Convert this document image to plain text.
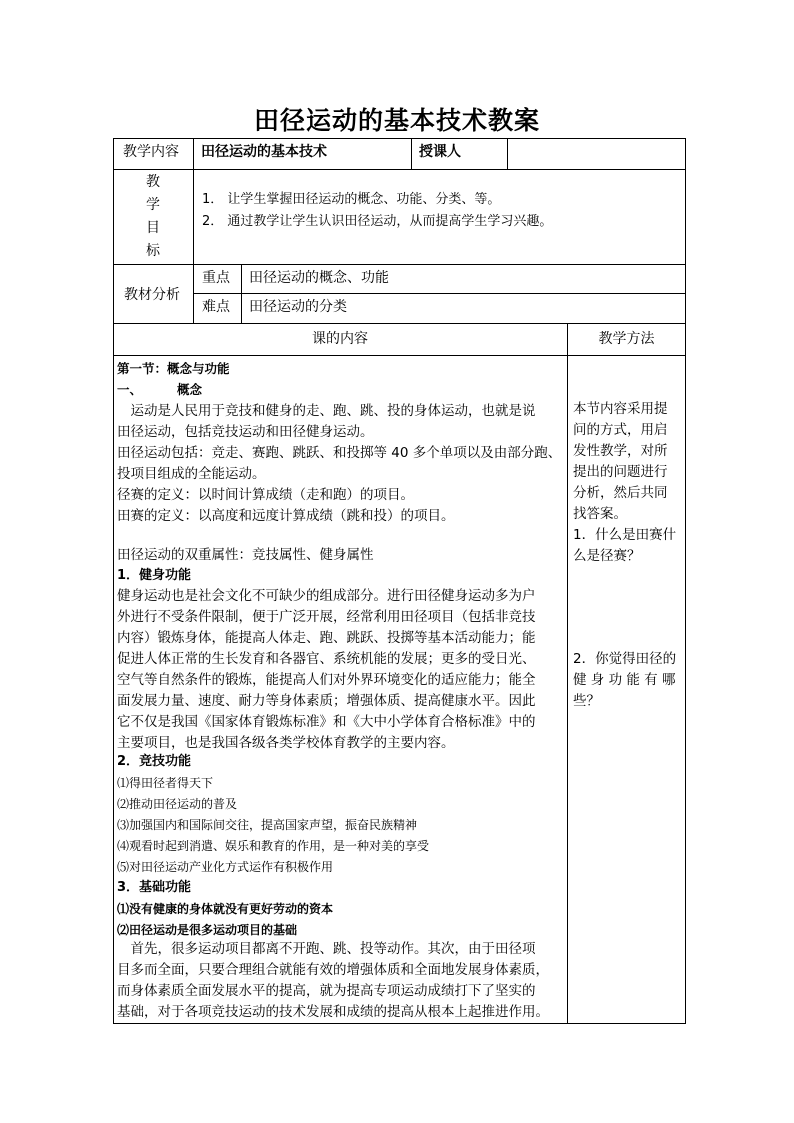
田径运动的基本技术教案
教学内容 田径运动的基本技术	授课人
教
学
目
标
1． 让学生掌握田径运动的概念、功能、分类、等。
2． 通过教学让学生认识田径运动，从而提高学生学习兴趣。
教材分析
重点 田径运动的概念、功能
难点 田径运动的分类
课的内容	教学方法
第一节：概念与功能
一、	概念
　运动是人民用于竞技和健身的走、跑、跳、投的身体运动，也就是说
田径运动，包括竞技运动和田径健身运动。
田径运动包括：竞走、赛跑、跳跃、和投掷等 40 多个单项以及由部分跑、
投项目组成的全能运动。
径赛的定义：以时间计算成绩（走和跑）的项目。
田赛的定义：以高度和远度计算成绩（跳和投）的项目。
田径运动的双重属性：竞技属性、健身属性
1．健身功能
健身运动也是社会文化不可缺少的组成部分。进行田径健身运动多为户
外进行不受条件限制，便于广泛开展，经常利用田径项目（包括非竞技
内容）锻炼身体，能提高人体走、跑、跳跃、投掷等基本活动能力；能
促进人体正常的生长发育和各器官、系统机能的发展；更多的受日光、
空气等自然条件的锻炼，能提高人们对外界环境变化的适应能力；能全
面发展力量、速度、耐力等身体素质；增强体质、提高健康水平。因此
它不仅是我国《国家体育锻炼标准》和《大中小学体育合格标准》中的
主要项目，也是我国各级各类学校体育教学的主要内容。
2．竞技功能
⑴得田径者得天下
⑵推动田径运动的普及
⑶加强国内和国际间交往，提高国家声望，振奋民族精神
⑷观看时起到消遣、娱乐和教育的作用，是一种对美的享受
⑸对田径运动产业化方式运作有积极作用
3．基础功能
⑴没有健康的身体就没有更好劳动的资本
⑵田径运动是很多运动项目的基础
　首先，很多运动项目都离不开跑、跳、投等动作。其次，由于田径项
目多而全面，只要合理组合就能有效的增强体质和全面地发展身体素质，
而身体素质全面发展水平的提高，就为提高专项运动成绩打下了坚实的
基础，对于各项竞技运动的技术发展和成绩的提高从根本上起推进作用。
本节内容采用提
问的方式，用启
发性教学，对所
提出的问题进行
分析，然后共同
找答案。
1．什么是田赛什
么是径赛？
2．你觉得田径的
健 身 功 能 有 哪
些？
